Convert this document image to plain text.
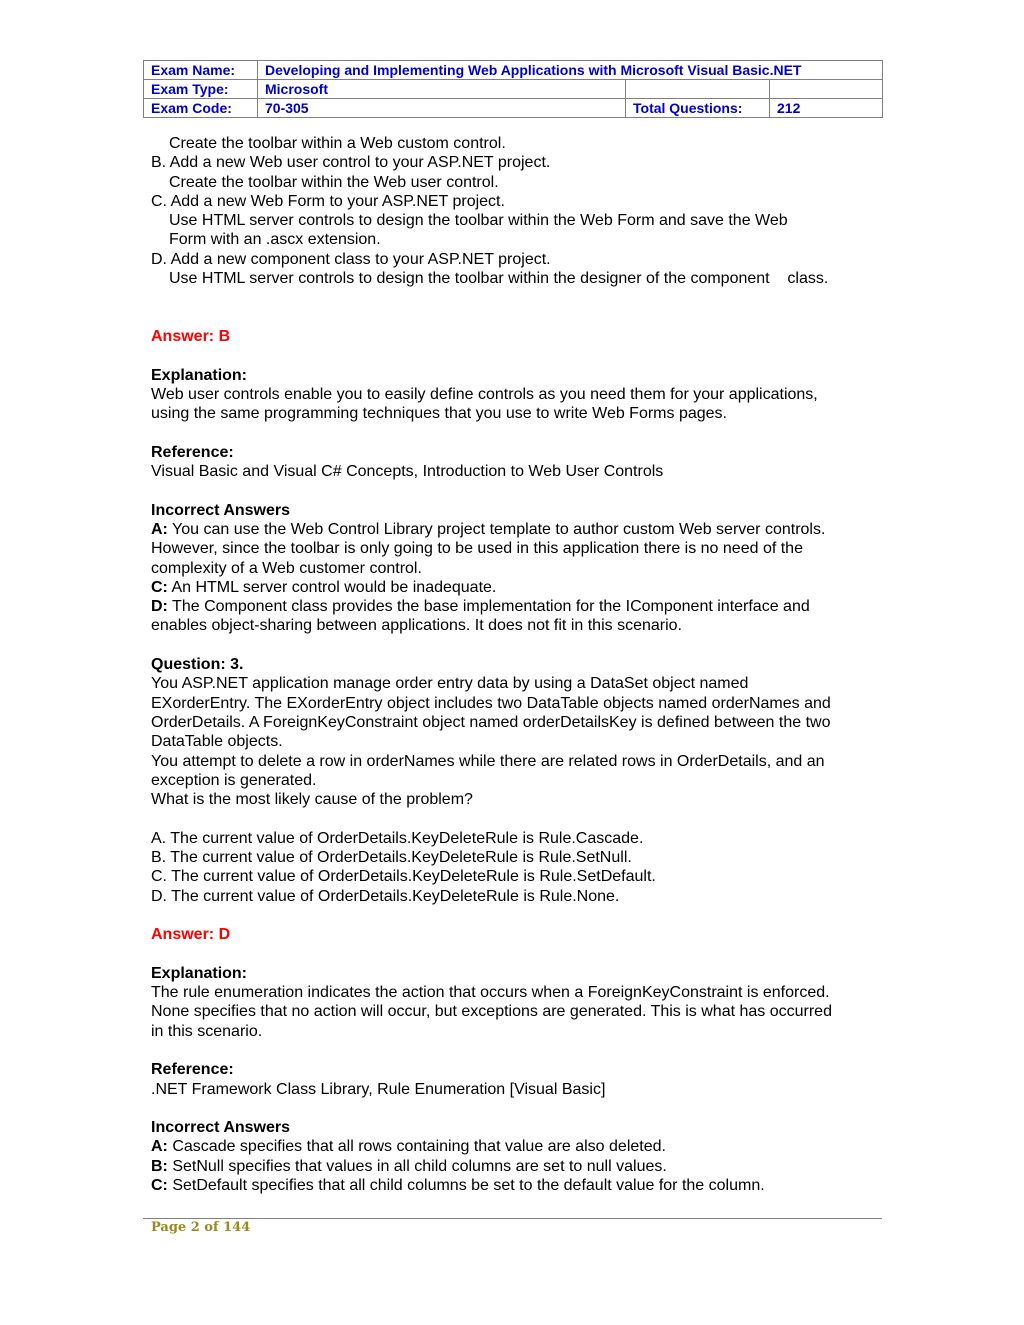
Exam Name:	Developing and Implementing Web Applications with Microsoft Visual Basic.NET		
Exam Type:	Microsoft		
Exam Code:	70-305	Total Questions:	212
Create the toolbar within a Web custom control.
B. Add a new Web user control to your ASP.NET project.
Create the toolbar within the Web user control.
C. Add a new Web Form to your ASP.NET project.
Use HTML server controls to design the toolbar within the Web Form and save the Web
Form with an .ascx extension.
D. Add a new component class to your ASP.NET project.
Use HTML server controls to design the toolbar within the designer of the component    class.
Answer: B
Explanation:
Web user controls enable you to easily define controls as you need them for your applications,
using the same programming techniques that you use to write Web Forms pages.
Reference:
Visual Basic and Visual C# Concepts, Introduction to Web User Controls
Incorrect Answers
A: You can use the Web Control Library project template to author custom Web server controls.
However, since the toolbar is only going to be used in this application there is no need of the
complexity of a Web customer control.
C: An HTML server control would be inadequate.
D: The Component class provides the base implementation for the IComponent interface and
enables object-sharing between applications. It does not fit in this scenario.
Question: 3.
You ASP.NET application manage order entry data by using a DataSet object named
EXorderEntry. The EXorderEntry object includes two DataTable objects named orderNames and
OrderDetails. A ForeignKeyConstraint object named orderDetailsKey is defined between the two
DataTable objects.
You attempt to delete a row in orderNames while there are related rows in OrderDetails, and an
exception is generated.
What is the most likely cause of the problem?
A. The current value of OrderDetails.KeyDeleteRule is Rule.Cascade.
B. The current value of OrderDetails.KeyDeleteRule is Rule.SetNull.
C. The current value of OrderDetails.KeyDeleteRule is Rule.SetDefault.
D. The current value of OrderDetails.KeyDeleteRule is Rule.None.
Answer: D
Explanation:
The rule enumeration indicates the action that occurs when a ForeignKeyConstraint is enforced.
None specifies that no action will occur, but exceptions are generated. This is what has occurred
in this scenario.
Reference:
.NET Framework Class Library, Rule Enumeration [Visual Basic]
Incorrect Answers
A: Cascade specifies that all rows containing that value are also deleted.
B: SetNull specifies that values in all child columns are set to null values.
C: SetDefault specifies that all child columns be set to the default value for the column.
Page 2 of 144
